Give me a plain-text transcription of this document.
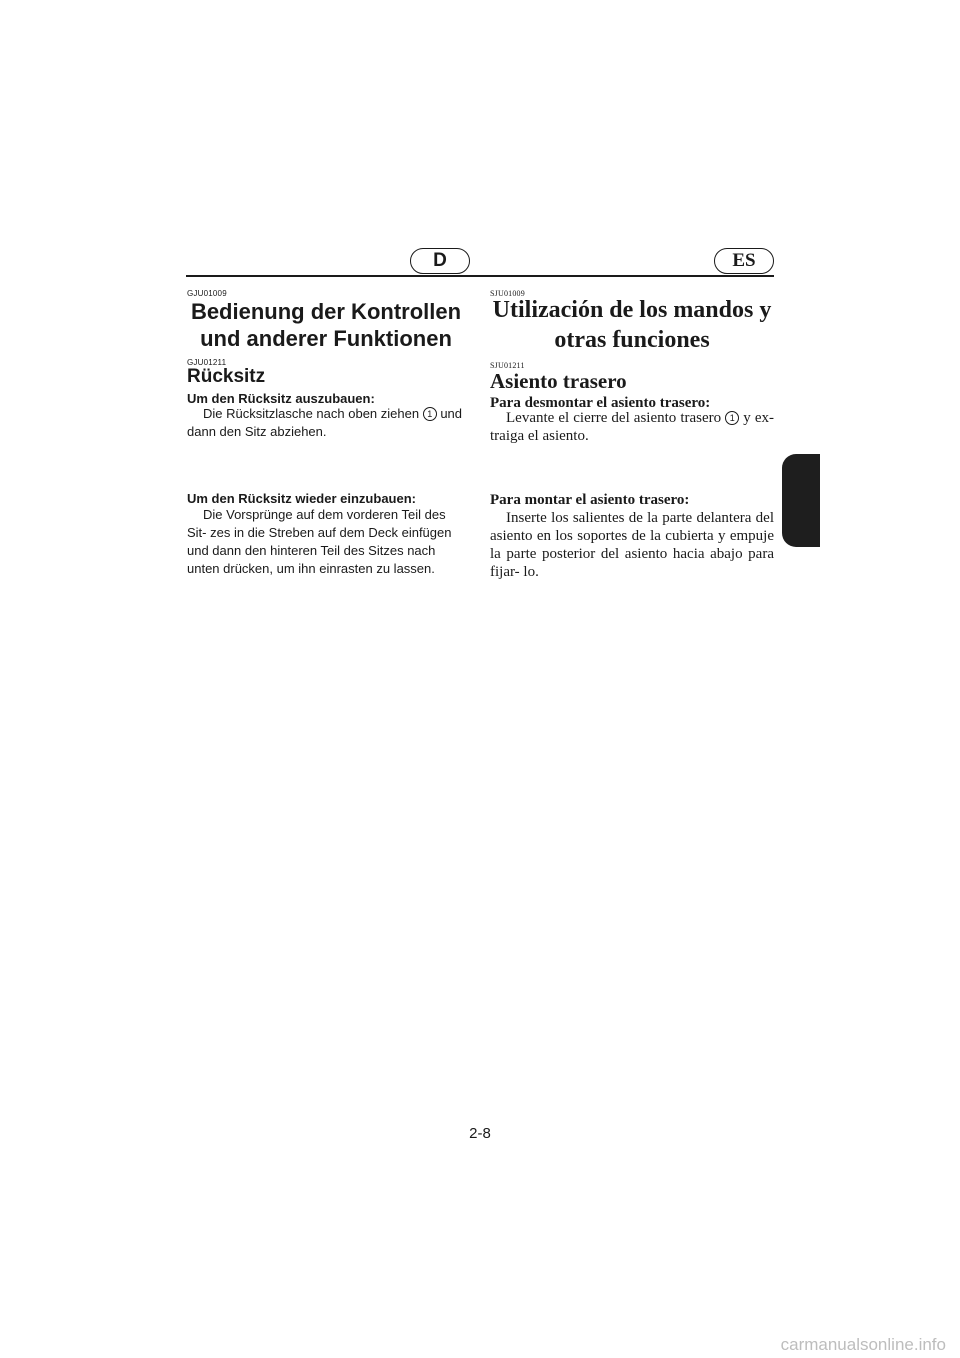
D	ES
GJU01009
Bedienung der Kontrollen
und anderer Funktionen
GJU01211
Rücksitz
Um den Rücksitz auszubauen:

Die Rücksitzlasche nach oben ziehen 1 und dann den Sitz abziehen.

Um den Rücksitz wieder einzubauen:

Die Vorsprünge auf dem vorderen Teil des Sit- zes in die Streben auf dem Deck einfügen und dann den hinteren Teil des Sitzes nach unten drücken, um ihn einrasten zu lassen.

SJU01009
Utilización de los mandos y
otras funciones
SJU01211
Asiento trasero
Para desmontar el asiento trasero:

Levante el cierre del asiento trasero 1 y ex- traiga el asiento.

Para montar el asiento trasero:

Inserte los salientes de la parte delantera del asiento en los soportes de la cubierta y empuje la parte posterior del asiento hacia abajo para fijar- lo.

2-8
carmanualsonline.info
